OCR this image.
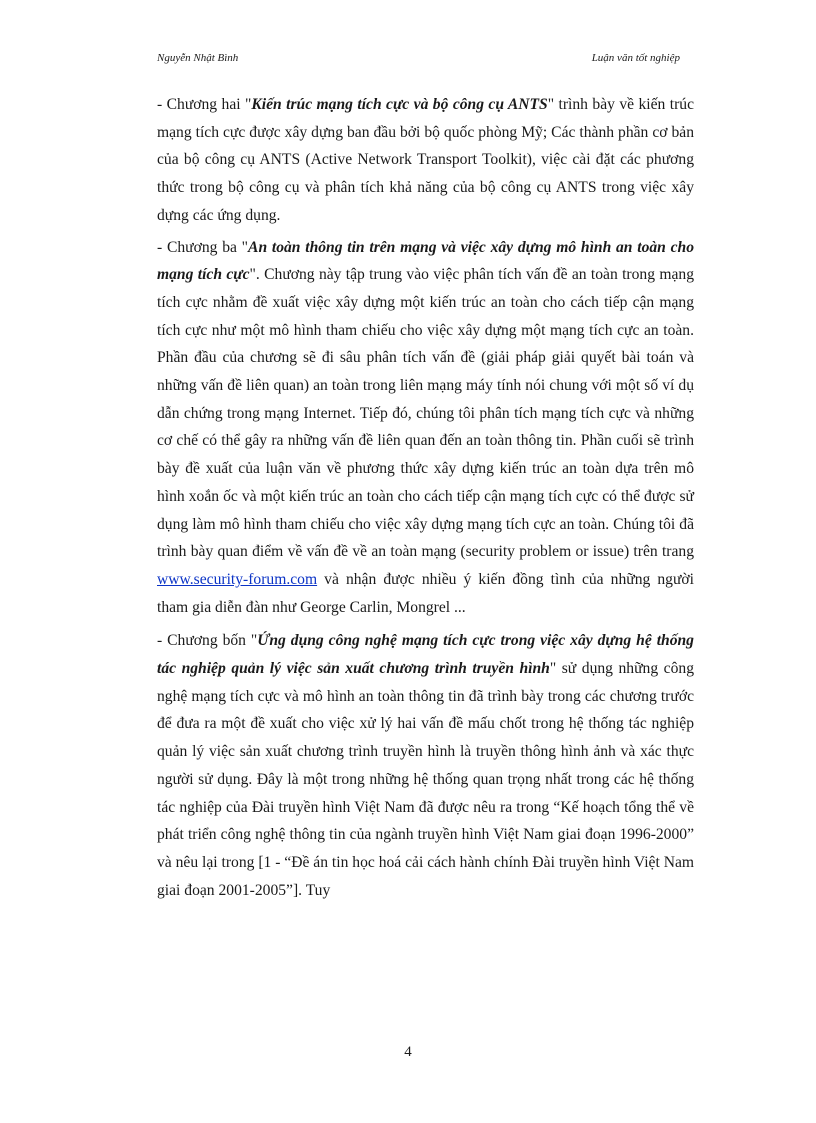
Nguyễn Nhật Bình	Luận văn tốt nghiệp

- Chương hai "Kiến trúc mạng tích cực và bộ công cụ ANTS" trình bày về kiến trúc mạng tích cực được xây dựng ban đầu bởi bộ quốc phòng Mỹ; Các thành phần cơ bản của bộ công cụ ANTS (Active Network Transport Toolkit), việc cài đặt các phương thức trong bộ công cụ và phân tích khả năng của bộ công cụ ANTS trong việc xây dựng các ứng dụng.

- Chương ba "An toàn thông tin trên mạng và việc xây dựng mô hình an toàn cho mạng tích cực". Chương này tập trung vào việc phân tích vấn đề an toàn trong mạng tích cực nhằm đề xuất việc xây dựng một kiến trúc an toàn cho cách tiếp cận mạng tích cực như một mô hình tham chiếu cho việc xây dựng một mạng tích cực an toàn. Phần đầu của chương sẽ đi sâu phân tích vấn đề (giải pháp giải quyết bài toán và những vấn đề liên quan) an toàn trong liên mạng máy tính nói chung với một số ví dụ dẫn chứng trong mạng Internet. Tiếp đó, chúng tôi phân tích mạng tích cực và những cơ chế có thể gây ra những vấn đề liên quan đến an toàn thông tin. Phần cuối sẽ trình bày đề xuất của luận văn về phương thức xây dựng kiến trúc an toàn dựa trên mô hình xoắn ốc và một kiến trúc an toàn cho cách tiếp cận mạng tích cực có thể được sử dụng làm mô hình tham chiếu cho việc xây dựng mạng tích cực an toàn. Chúng tôi đã trình bày quan điểm về vấn đề về an toàn mạng (security problem or issue) trên trang www.security-forum.com và nhận được nhiều ý kiến đồng tình của những người tham gia diễn đàn như George Carlin, Mongrel ...

- Chương bốn "Ứng dụng công nghệ mạng tích cực trong việc xây dựng hệ thống tác nghiệp quản lý việc sản xuất chương trình truyền hình" sử dụng những công nghệ mạng tích cực và mô hình an toàn thông tin đã trình bày trong các chương trước để đưa ra một đề xuất cho việc xử lý hai vấn đề mấu chốt trong hệ thống tác nghiệp quản lý việc sản xuất chương trình truyền hình là truyền thông hình ảnh và xác thực người sử dụng. Đây là một trong những hệ thống quan trọng nhất trong các hệ thống tác nghiệp của Đài truyền hình Việt Nam đã được nêu ra trong “Kế hoạch tổng thể về phát triển công nghệ thông tin của ngành truyền hình Việt Nam giai đoạn 1996-2000” và nêu lại trong [1 - “Đề án tin học hoá cải cách hành chính Đài truyền hình Việt Nam giai đoạn 2001-2005”]. Tuy

4
